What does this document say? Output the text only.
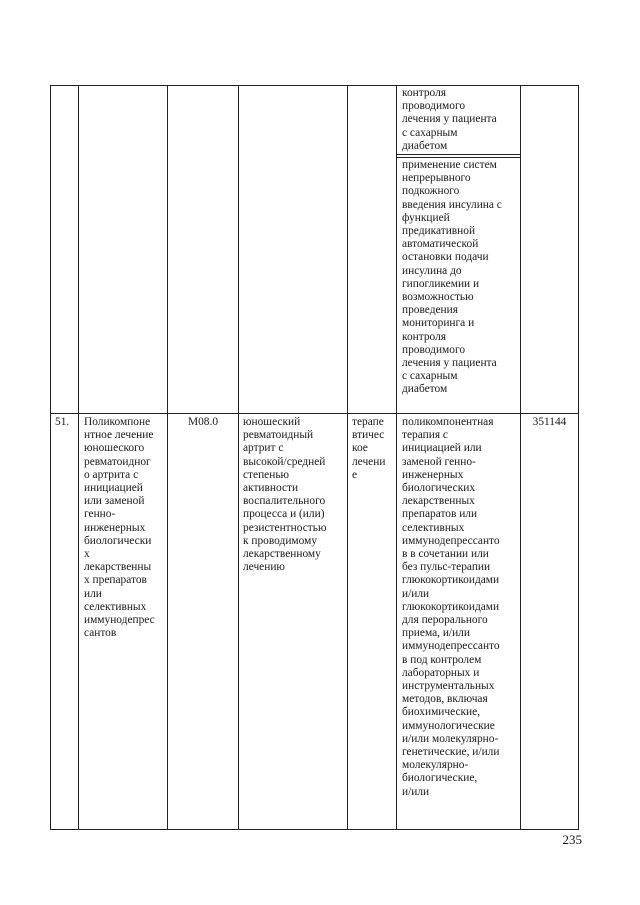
контроля
проводимого
лечения у пациента
с сахарным
диабетом
применение систем
непрерывного
подкожного
введения инсулина с
функцией
предикативной
автоматической
остановки подачи
инсулина до
гипогликемии и
возможностью
проведения
мониторинга и
контроля
проводимого
лечения у пациента
с сахарным
диабетом
51.	Поликомпоне
нтное лечение
юношеского
ревматоидног
о артрита с
инициацией
или заменой
генно-
инженерных
биологически
х
лекарственны
х препаратов
или
селективных
иммунодепрес
сантов
M08.0	юношеский
ревматоидный
артрит с
высокой/средней
степенью
активности
воспалительного
процесса и (или)
резистентностью
к проводимому
лекарственному
лечению
терапе
втичес
кое
лечени
е
поликомпонентная
терапия с
инициацией или
заменой генно-
инженерных
биологических
лекарственных
препаратов или
селективных
иммунодепрессанто
в в сочетании или
без пульс-терапии
глюкокортикоидами
и/или
глюкокортикоидами
для перорального
приема, и/или
иммунодепрессанто
в под контролем
лабораторных и
инструментальных
методов, включая
биохимические,
иммунологические
и/или молекулярно-
генетические, и/или
молекулярно-
биологические,
и/или
351144
235
